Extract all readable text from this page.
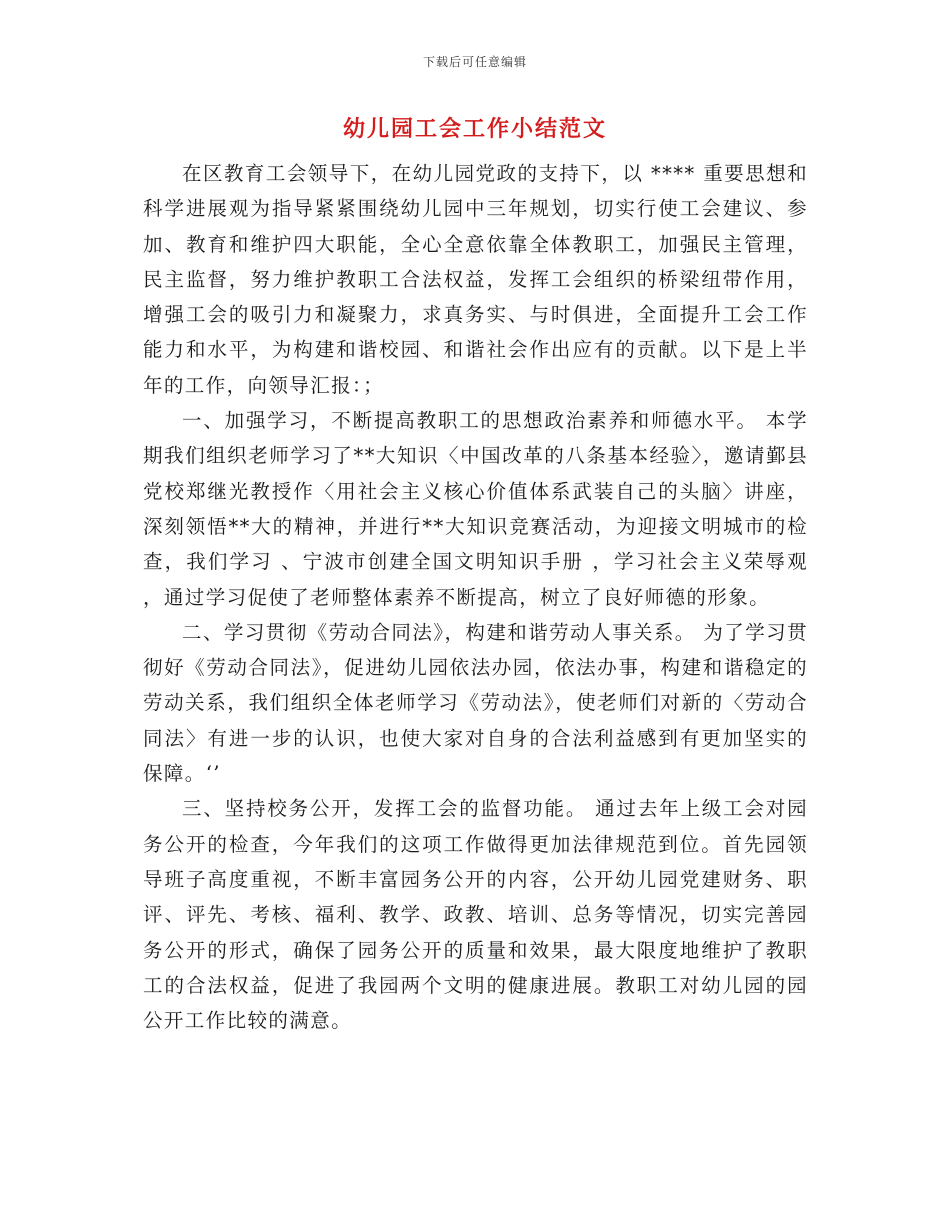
下载后可任意编辑
幼儿园工会工作小结范文

在区教育工会领导下，在幼儿园党政的支持下，以 **** 重要思想和科学进展观为指导紧紧围绕幼儿园中三年规划，切实行使工会建议、参加、教育和维护四大职能，全心全意依靠全体教职工，加强民主管理，民主监督，努力维护教职工合法权益，发挥工会组织的桥梁纽带作用，增强工会的吸引力和凝聚力，求真务实、与时俱进，全面提升工会工作能力和水平，为构建和谐校园、和谐社会作出应有的贡献。以下是上半年的工作，向领导汇报：；

一、加强学习，不断提高教职工的思想政治素养和师德水平。 本学期我们组织老师学习了**大知识〈中国改革的八条基本经验〉，邀请鄞县党校郑继光教授作〈用社会主义核心价值体系武装自己的头脑〉讲座，深刻领悟**大的精神，并进行**大知识竞赛活动，为迎接文明城市的检查，我们学习 、宁波市创建全国文明知识手册 ，学习社会主义荣辱观 ，通过学习促使了老师整体素养不断提高，树立了良好师德的形象。

二、学习贯彻《劳动合同法》，构建和谐劳动人事关系。 为了学习贯彻好《劳动合同法》，促进幼儿园依法办园，依法办事，构建和谐稳定的劳动关系，我们组织全体老师学习《劳动法》，使老师们对新的〈劳动合同法〉有进一步的认识，也使大家对自身的合法利益感到有更加坚实的保障。‘’

三、坚持校务公开，发挥工会的监督功能。 通过去年上级工会对园务公开的检查，今年我们的这项工作做得更加法律规范到位。首先园领导班子高度重视，不断丰富园务公开的内容，公开幼儿园党建财务、职评、评先、考核、福利、教学、政教、培训、总务等情况，切实完善园务公开的形式，确保了园务公开的质量和效果，最大限度地维护了教职工的合法权益，促进了我园两个文明的健康进展。教职工对幼儿园的园公开工作比较的满意。
